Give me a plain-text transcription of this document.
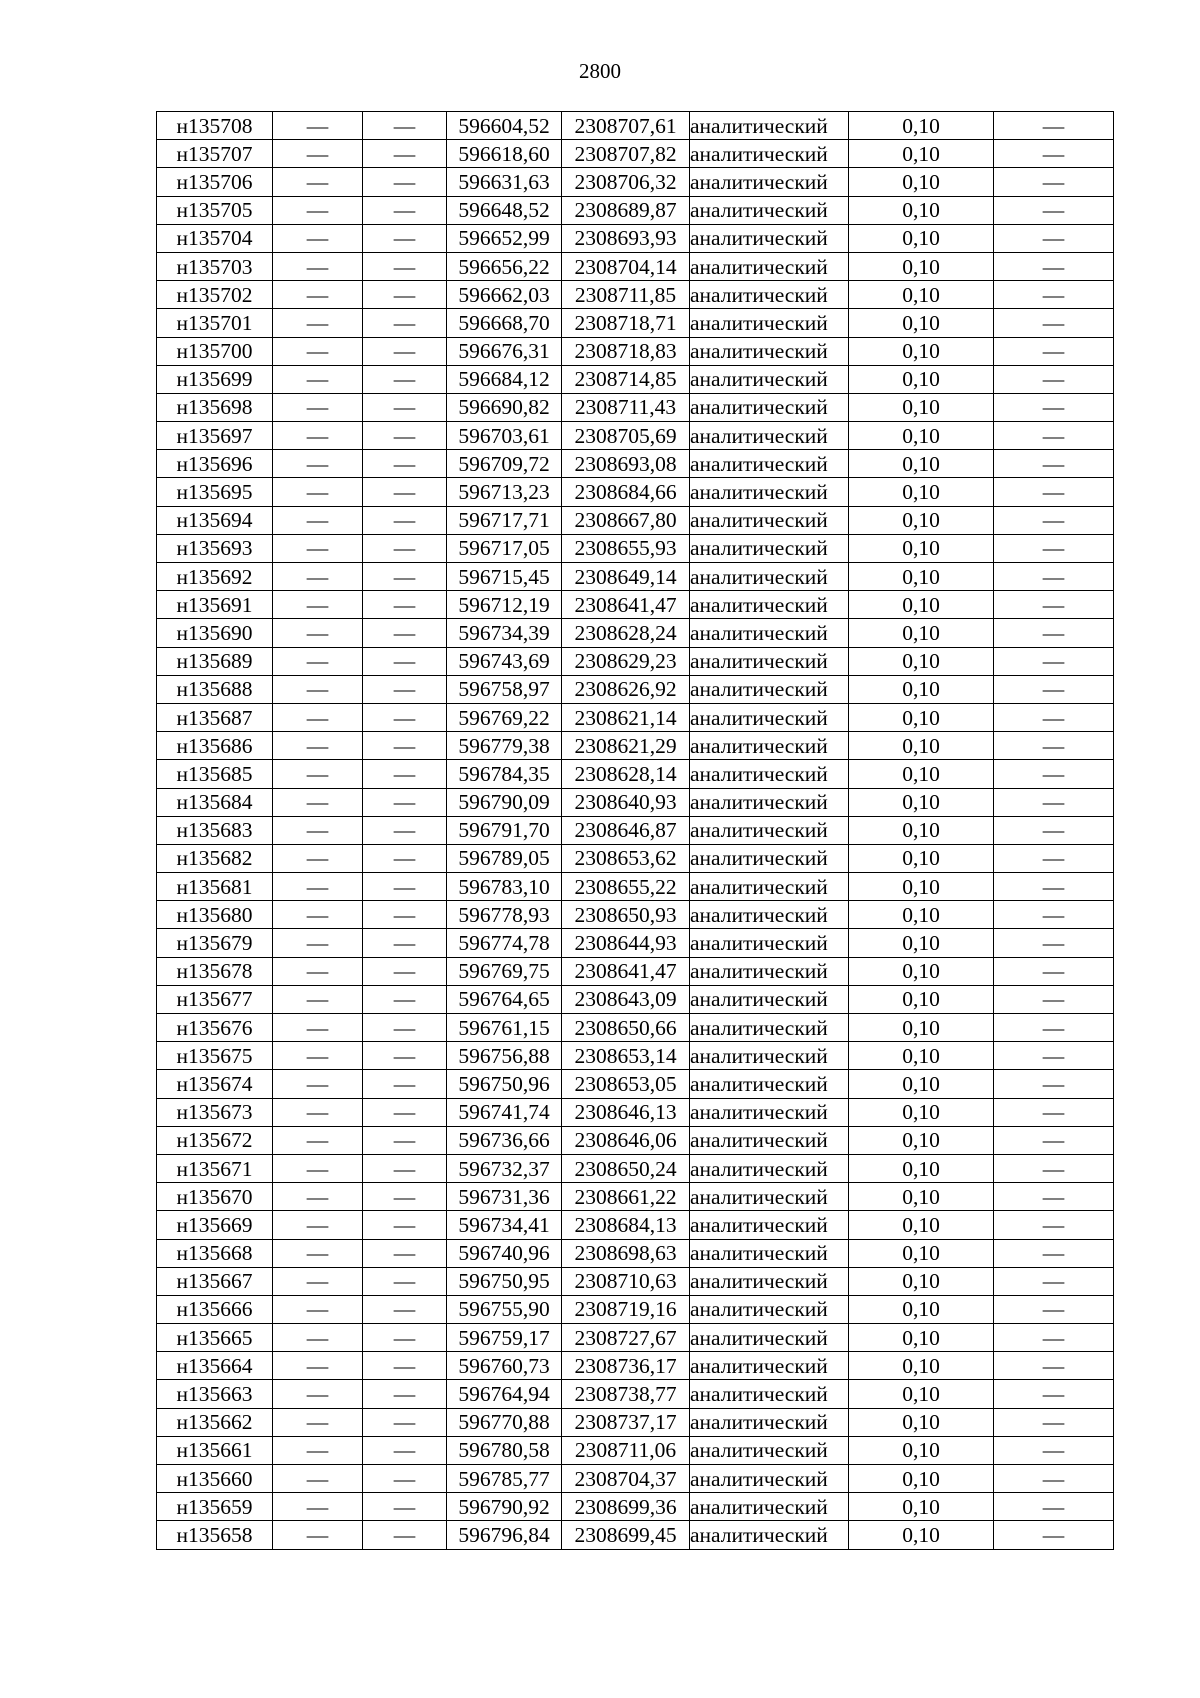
2800
н135708	—	—	596604,52	2308707,61	аналитический	0,10	—
н135707	—	—	596618,60	2308707,82	аналитический	0,10	—
н135706	—	—	596631,63	2308706,32	аналитический	0,10	—
н135705	—	—	596648,52	2308689,87	аналитический	0,10	—
н135704	—	—	596652,99	2308693,93	аналитический	0,10	—
н135703	—	—	596656,22	2308704,14	аналитический	0,10	—
н135702	—	—	596662,03	2308711,85	аналитический	0,10	—
н135701	—	—	596668,70	2308718,71	аналитический	0,10	—
н135700	—	—	596676,31	2308718,83	аналитический	0,10	—
н135699	—	—	596684,12	2308714,85	аналитический	0,10	—
н135698	—	—	596690,82	2308711,43	аналитический	0,10	—
н135697	—	—	596703,61	2308705,69	аналитический	0,10	—
н135696	—	—	596709,72	2308693,08	аналитический	0,10	—
н135695	—	—	596713,23	2308684,66	аналитический	0,10	—
н135694	—	—	596717,71	2308667,80	аналитический	0,10	—
н135693	—	—	596717,05	2308655,93	аналитический	0,10	—
н135692	—	—	596715,45	2308649,14	аналитический	0,10	—
н135691	—	—	596712,19	2308641,47	аналитический	0,10	—
н135690	—	—	596734,39	2308628,24	аналитический	0,10	—
н135689	—	—	596743,69	2308629,23	аналитический	0,10	—
н135688	—	—	596758,97	2308626,92	аналитический	0,10	—
н135687	—	—	596769,22	2308621,14	аналитический	0,10	—
н135686	—	—	596779,38	2308621,29	аналитический	0,10	—
н135685	—	—	596784,35	2308628,14	аналитический	0,10	—
н135684	—	—	596790,09	2308640,93	аналитический	0,10	—
н135683	—	—	596791,70	2308646,87	аналитический	0,10	—
н135682	—	—	596789,05	2308653,62	аналитический	0,10	—
н135681	—	—	596783,10	2308655,22	аналитический	0,10	—
н135680	—	—	596778,93	2308650,93	аналитический	0,10	—
н135679	—	—	596774,78	2308644,93	аналитический	0,10	—
н135678	—	—	596769,75	2308641,47	аналитический	0,10	—
н135677	—	—	596764,65	2308643,09	аналитический	0,10	—
н135676	—	—	596761,15	2308650,66	аналитический	0,10	—
н135675	—	—	596756,88	2308653,14	аналитический	0,10	—
н135674	—	—	596750,96	2308653,05	аналитический	0,10	—
н135673	—	—	596741,74	2308646,13	аналитический	0,10	—
н135672	—	—	596736,66	2308646,06	аналитический	0,10	—
н135671	—	—	596732,37	2308650,24	аналитический	0,10	—
н135670	—	—	596731,36	2308661,22	аналитический	0,10	—
н135669	—	—	596734,41	2308684,13	аналитический	0,10	—
н135668	—	—	596740,96	2308698,63	аналитический	0,10	—
н135667	—	—	596750,95	2308710,63	аналитический	0,10	—
н135666	—	—	596755,90	2308719,16	аналитический	0,10	—
н135665	—	—	596759,17	2308727,67	аналитический	0,10	—
н135664	—	—	596760,73	2308736,17	аналитический	0,10	—
н135663	—	—	596764,94	2308738,77	аналитический	0,10	—
н135662	—	—	596770,88	2308737,17	аналитический	0,10	—
н135661	—	—	596780,58	2308711,06	аналитический	0,10	—
н135660	—	—	596785,77	2308704,37	аналитический	0,10	—
н135659	—	—	596790,92	2308699,36	аналитический	0,10	—
н135658	—	—	596796,84	2308699,45	аналитический	0,10	—
